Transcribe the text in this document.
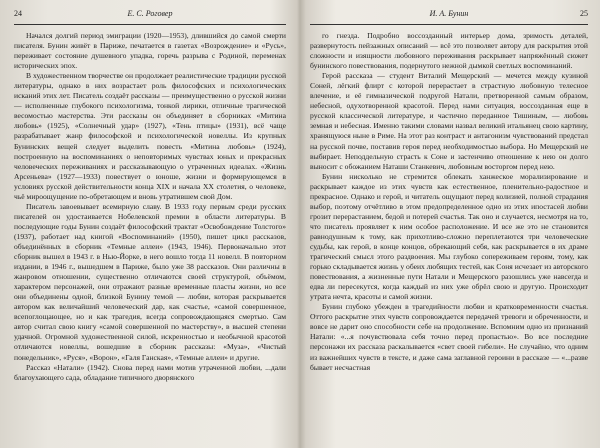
24	Е. С. Роговер

Начался долгий период эмиграции (1920—1953), длившийся до самой смерти писателя. Бунин живёт в Париже, печатается в газетах «Возрождение» и «Русь», переживает состояние душевного упадка, горечь разрыва с Родиной, переменах исторических эпох.

В художественном творчестве он продолжает реалистические традиции русской литературы, однако в них возрастает роль философских и психологических исканий этих лет. Писатель создаёт рассказы — преимущественно о русской жизни — исполненные глубокого психологизма, тонкой лирики, отличные трагической весомостью мастерства. Эти рассказы он объединяет в сборниках «Митина любовь» (1925), «Солнечный удар» (1927), «Тень птицы» (1931), всё чаще разрабатывает жанр философской и психологической новеллы. Из крупных Бунинских вещей следует выделить повесть «Митина любовь» (1924), построенную на воспоминаниях о неповторимых чувствах юных и прекрасных человеческих переживаниях и рассказывающую о утраченных идеалах. «Жизнь Арсеньева» (1927—1933) повествует о юноше, жизни и формирующемся в условиях русской действительности конца XIX и начала XX столетия, о человеке, чьё мироощущение по-обретающем и вновь утратившем свой Дом.

Писатель завоевывает всемирную славу. В 1933 году первым среди русских писателей он удостаивается Нобелевской премии в области литературы. В последующие годы Бунин создаёт философский трактат «Освобождение Толстого» (1937), работает над книгой «Воспоминаний» (1950), пишет цикл рассказов, объединённых в сборник «Темные аллеи» (1943, 1946). Первоначально этот сборник вышел в 1943 г. в Нью-Йорке, в него вошло тогда 11 новелл. В повторном издании, в 1946 г., вышедшем в Париже, было уже 38 рассказов. Они различны в жанровом отношении, существенно отличаются своей структурой, объёмом, характером персонажей, они отражают разные временные пласты жизни, но все они объединены одной, близкой Бунину темой — любви, которая раскрывается автором как величайший человеческий дар, как счастье, «самой совершенное, всепоглощающее, но и как трагедия, всегда сопровождающаяся смертью. Сам автор считал свою книгу «самой совершенной по мастерству», в высшей степени удачной. Огромной художественной силой, искренностью и необычной красотой отличаются новеллы, вошедшие в сборник рассказы: «Муза», «Чистый понедельник», «Руся», «Ворон», «Галя Ганская», «Темные аллеи» и другие.

Рассказ «Натали» (1942). Снова перед нами мотив утраченной любви, ...дали благоухающего сада, обладание типичного дворянского

И. А. Бунин	25

го гнезда. Подробно воссозданный интерьер дома, зримость деталей, развернутость пейзажных описаний — всё это позволяет автору для раскрытия этой сложности и изящности любовного переживания раскрывает напряжённый сюжет бунинского повествования, подернутого нежной дымкой светлых воспоминаний.

Герой рассказа — студент Виталий Мещерский — мечется между кузиной Соней, лёгкий флирт с которой перерастает в страстную любовную телесное влечение, и её гимназической подругой Натали, претворенной самым образом, небесной, одухотворенной красотой. Перед нами ситуация, воссозданная еще в русской классической литературе, и частично переданное Тишиным, — любовь земная и небесная. Именно такими словами назвал великий итальянец свою картину, хранящуюся ныне в Риме. На этот раз контраст и антагонизм чувствований предстал на русской почве, поставив героя перед необходимостью выбора. Но Мещерский не выбирает. Неподдельную страсть к Соне и застенчиво отношение к нею он долго выносит с обожанием Наташи Станкевич, любовным восторгом перед нею.

Бунин нисколько не стремится облекать ханжеское морализирование и раскрывает каждое из этих чувств как естественное, пленительно-радостное и прекрасное. Однако и герой, и читатель ощущают перед колизией, полной страдания выбор, поэтому отчётливо в этом предопределенное одно из этих ипостасей любви грозит перерастанием, бедой и потерей счастья. Так оно и случается, несмотря на то, что писатель проявляет к ним особое расположение. И все же это не становится равнодушным к тому, как прихотливо-сложно переплетаются три человеческие судьбы, как герой, в конце концов, обрекающий себя, как раскрывается в их драме трагический смысл этого раздвоения. Мы глубоко сопереживаем героям, тому, как горько складывается жизнь у обеих любящих тестей, как Соня исчезает из авторского повествования, а жизненные пути Натали и Мещерского разошлись уже навсегда и едва ли пересекутся, когда каждый из них уже обрёл свою и другую. Происходит утрата нечта, красоты и самой жизни.

Бунин глубоко убежден в трагедийности любви и кратковременности счастья. Оттого раскрытие этих чувств сопровождается передачей тревоги и обреченности, и вовсе не дарит оно способности себе на продолжение. Вспомним одно из признаний Натали: «...я почувствовала себя точно перед пропастью». Во все последние персонажи их рассказа раскалывается «свет своей гибели». Не случайно, что одним из важнейших чувств в тексте, и даже сама заглавной героини в рассказе — «...разве бывает несчастная
